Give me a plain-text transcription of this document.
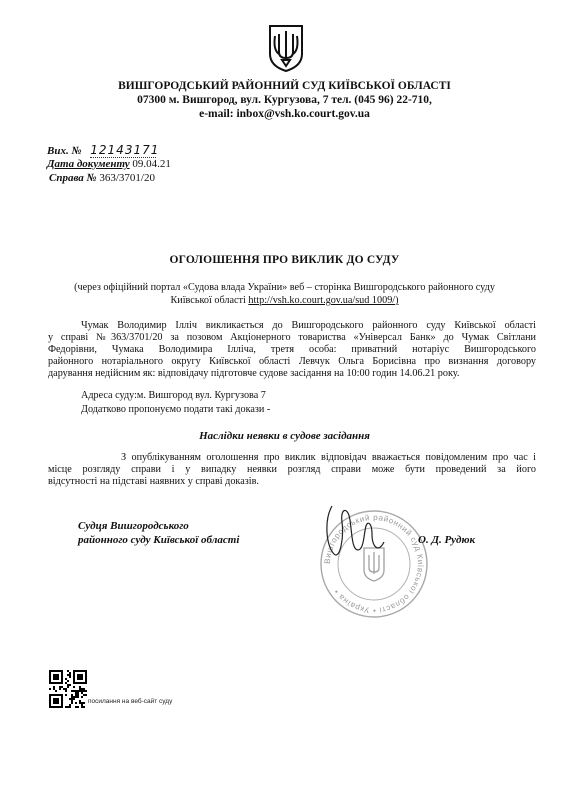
ВИШГОРОДСЬКИЙ РАЙОННИЙ СУД КИЇВСЬКОЇ ОБЛАСТІ
07300 м. Вишгород, вул. Кургузова, 7 тел. (045 96) 22-710,
e-mail: inbox@vsh.ko.court.gov.ua
Вих. № 12143171
Дата документу 09.04.21
Справа № 363/3701/20
ОГОЛОШЕННЯ ПРО ВИКЛИК ДО СУДУ
(через офіційний портал «Судова влада України» веб – сторінка Вишгородського районного суду
Київської області http://vsh.ko.court.gov.ua/sud 1009/)
Чумак Володимир Ілліч викликається до Вишгородського районного суду Київської області
у справі №363/3701/20 за позовом Акціонерного товариства «Універсал Банк» до Чумак Світлани
Федорівни, Чумака Володимира Ілліча, третя особа: приватний нотаріус Вишгородського
районного нотаріального округу Київської області Левчук Ольга Борисівна про визнання договору
дарування недійсним як: відповідачу підготовче судове засідання на 10:00 годин 14.06.21 року.
Адреса суду:м. Вишгород вул. Кургузова 7
Додатково пропонуємо подати такі докази -
Наслідки неявки в судове засідання
З опублікуванням оголошення про виклик відповідач вважається повідомленим про час і
місце розгляду справи і у випадку неявки розгляд справи може бути проведений за його
відсутності на підставі наявних у справі доказів.
Вишгородський районний суд Київської області • Україна •
Судця Вишгородського
районного суду Київської області	О. Д. Рудюк
посилання на веб-сайт суду
